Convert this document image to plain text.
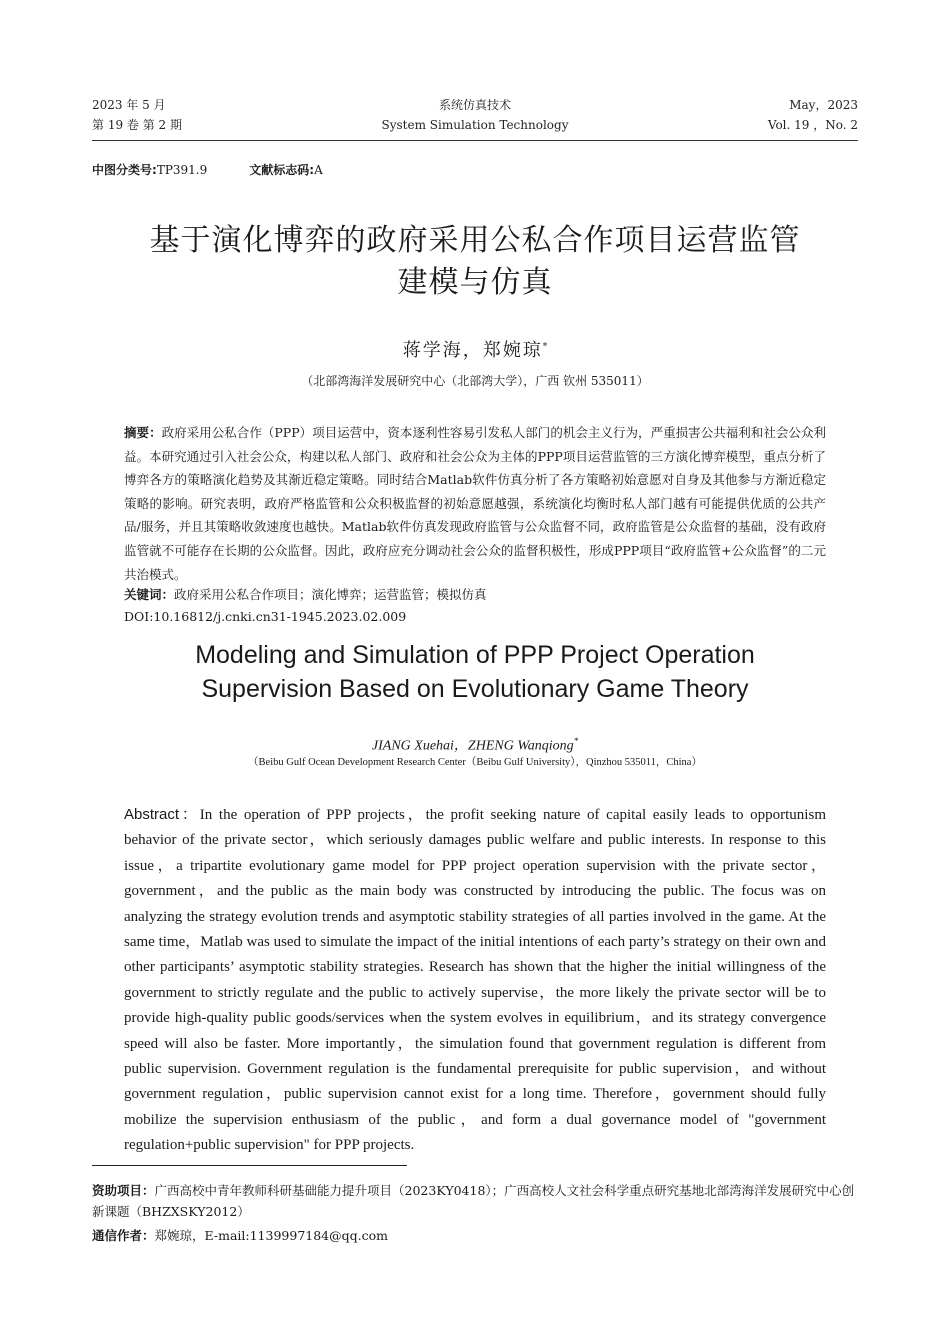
2023 年 5 月
第 19 卷 第 2 期
系统仿真技术
System Simulation Technology
May，2023
Vol. 19 ，No. 2
中图分类号:TP391.9	文献标志码:A
基于演化博弈的政府采用公私合作项目运营监管
建模与仿真
蒋学海，郑婉琼*
（北部湾海洋发展研究中心（北部湾大学），广西 钦州 535011）
摘要：政府采用公私合作（PPP）项目运营中，资本逐利性容易引发私人部门的机会主义行为，严重损害公共福利和社会公众利益。本研究通过引入社会公众，构建以私人部门、政府和社会公众为主体的PPP项目运营监管的三方演化博弈模型，重点分析了博弈各方的策略演化趋势及其渐近稳定策略。同时结合Matlab软件仿真分析了各方策略初始意愿对自身及其他参与方渐近稳定策略的影响。研究表明，政府严格监管和公众积极监督的初始意愿越强，系统演化均衡时私人部门越有可能提供优质的公共产品/服务，并且其策略收敛速度也越快。Matlab软件仿真发现政府监管与公众监督不同，政府监管是公众监督的基础，没有政府监管就不可能存在长期的公众监督。因此，政府应充分调动社会公众的监督积极性，形成PPP项目“政府监管+公众监督”的二元共治模式。
关键词：政府采用公私合作项目；演化博弈；运营监管；模拟仿真
DOI:10.16812/j.cnki.cn31-1945.2023.02.009
Modeling and Simulation of PPP Project Operation
Supervision Based on Evolutionary Game Theory
JIANG Xuehai，ZHENG Wanqiong*
（Beibu Gulf Ocean Development Research Center（Beibu Gulf University），Qinzhou 535011，China）
Abstract：In the operation of PPP projects，the profit seeking nature of capital easily leads to opportunism behavior of the private sector，which seriously damages public welfare and public interests. In response to this issue，a tripartite evolutionary game model for PPP project operation supervision with the private sector，government，and the public as the main body was constructed by introducing the public. The focus was on analyzing the strategy evolution trends and asymptotic stability strategies of all parties involved in the game. At the same time，Matlab was used to simulate the impact of the initial intentions of each party’s strategy on their own and other participants’ asymptotic stability strategies. Research has shown that the higher the initial willingness of the government to strictly regulate and the public to actively supervise，the more likely the private sector will be to provide high-quality public goods/services when the system evolves in equilibrium，and its strategy convergence speed will also be faster. More importantly，the simulation found that government regulation is different from public supervision. Government regulation is the fundamental prerequisite for public supervision，and without government regulation，public supervision cannot exist for a long time. Therefore，government should fully mobilize the supervision enthusiasm of the public，and form a dual governance model of "government regulation+public supervision" for PPP projects.
资助项目：广西高校中青年教师科研基础能力提升项目（2023KY0418）；广西高校人文社会科学重点研究基地北部湾海洋发展研究中心创新课题（BHZXSKY2012）
通信作者：郑婉琼，E-mail:1139997184@qq.com
